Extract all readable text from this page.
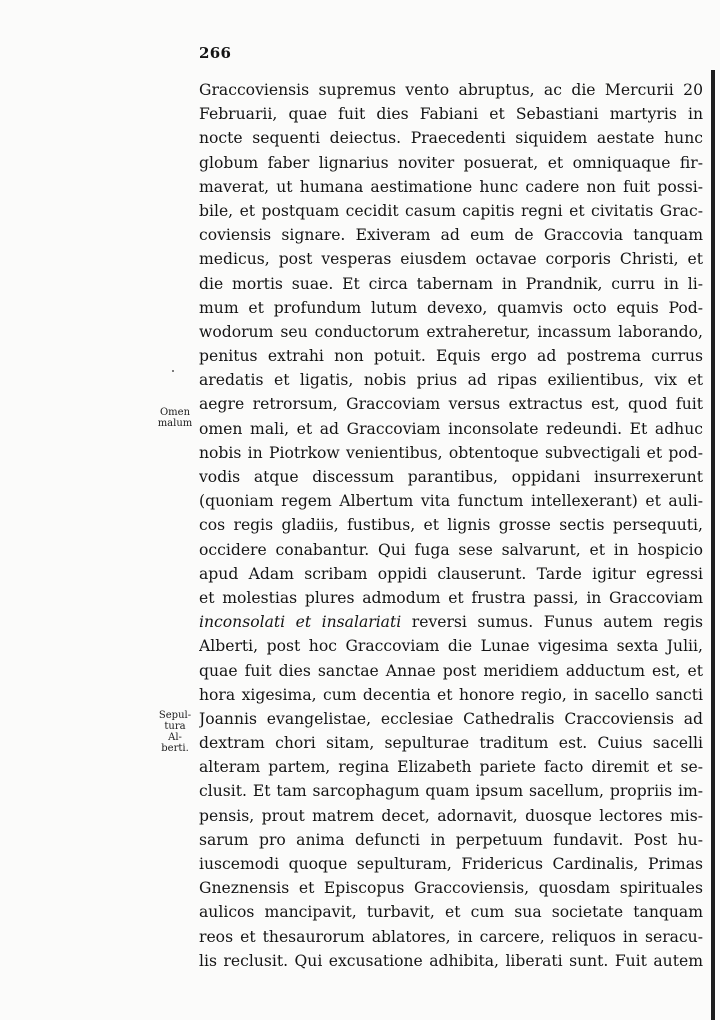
266
Graccoviensis supremus vento abruptus, ac die Mercurii 20
Februarii, quae fuit dies Fabiani et Sebastiani martyris in
nocte sequenti deiectus. Praecedenti siquidem aestate hunc
globum faber lignarius noviter posuerat, et omniquaque fir-
maverat, ut humana aestimatione hunc cadere non fuit possi-
bile, et postquam cecidit casum capitis regni et civitatis Grac-
coviensis signare. Exiveram ad eum de Graccovia tanquam
medicus, post vesperas eiusdem octavae corporis Christi, et
die mortis suae. Et circa tabernam in Prandnik, curru in li-
mum et profundum lutum devexo, quamvis octo equis Pod-
wodorum seu conductorum extraheretur, incassum laborando,
penitus extrahi non potuit. Equis ergo ad postrema currus
aredatis et ligatis, nobis prius ad ripas exilientibus, vix et
aegre retrorsum, Graccoviam versus extractus est, quod fuit
omen mali, et ad Graccoviam inconsolate redeundi. Et adhuc
nobis in Piotrkow venientibus, obtentoque subvectigali et pod-
vodis atque discessum parantibus, oppidani insurrexerunt
(quoniam regem Albertum vita functum intellexerant) et auli-
cos regis gladiis, fustibus, et lignis grosse sectis persequuti,
occidere conabantur. Qui fuga sese salvarunt, et in hospicio
apud Adam scribam oppidi clauserunt. Tarde igitur egressi
et molestias plures admodum et frustra passi, in Graccoviam
inconsolati et insalariati reversi sumus. Funus autem regis
Alberti, post hoc Graccoviam die Lunae vigesima sexta Julii,
quae fuit dies sanctae Annae post meridiem adductum est, et
hora xigesima, cum decentia et honore regio, in sacello sancti
Joannis evangelistae, ecclesiae Cathedralis Craccoviensis ad
dextram chori sitam, sepulturae traditum est. Cuius sacelli
alteram partem, regina Elizabeth pariete facto diremit et se-
clusit. Et tam sarcophagum quam ipsum sacellum, propriis im-
pensis, prout matrem decet, adornavit, duosque lectores mis-
sarum pro anima defuncti in perpetuum fundavit. Post hu-
iuscemodi quoque sepulturam, Fridericus Cardinalis, Primas
Gneznensis et Episcopus Graccoviensis, quosdam spirituales
aulicos mancipavit, turbavit, et cum sua societate tanquam
reos et thesaurorum ablatores, in carcere, reliquos in seracu-
lis reclusit. Qui excusatione adhibita, liberati sunt. Fuit autem
Omen
malum
Sepul-
tura
Al-
berti.
